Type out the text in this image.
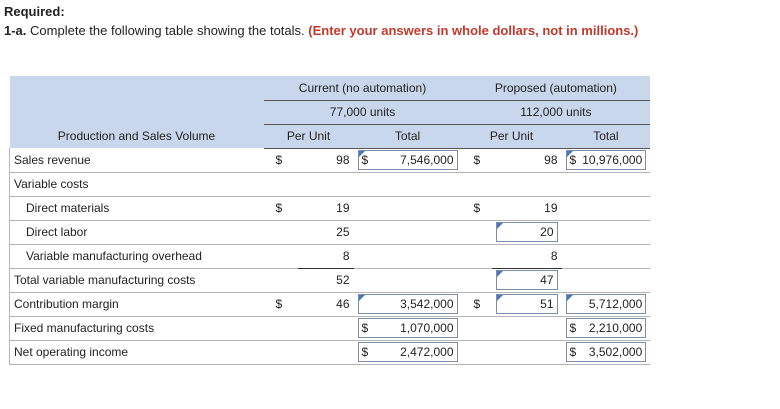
Required:
1-a. Complete the following table showing the totals. (Enter your answers in whole dollars, not in millions.)
	Current (no automation)			Proposed (automation)		
	77,000 units			112,000 units		
Production and Sales Volume	Per Unit		Total	Per Unit		Total
Sales revenue	$	98	$ 7,546,000	$	98	$ 10,976,000

Variable costs						
Direct materials	$	19		$	19	
Direct labor		25			20	

Variable manufacturing overhead		8			8	
Total variable manufacturing costs		52			47	

Contribution margin	$	46	3,542,000	$	51	5,712,000

Fixed manufacturing costs			$ 1,070,000			$ 2,210,000

Net operating income			$ 2,472,000			$ 3,502,000
